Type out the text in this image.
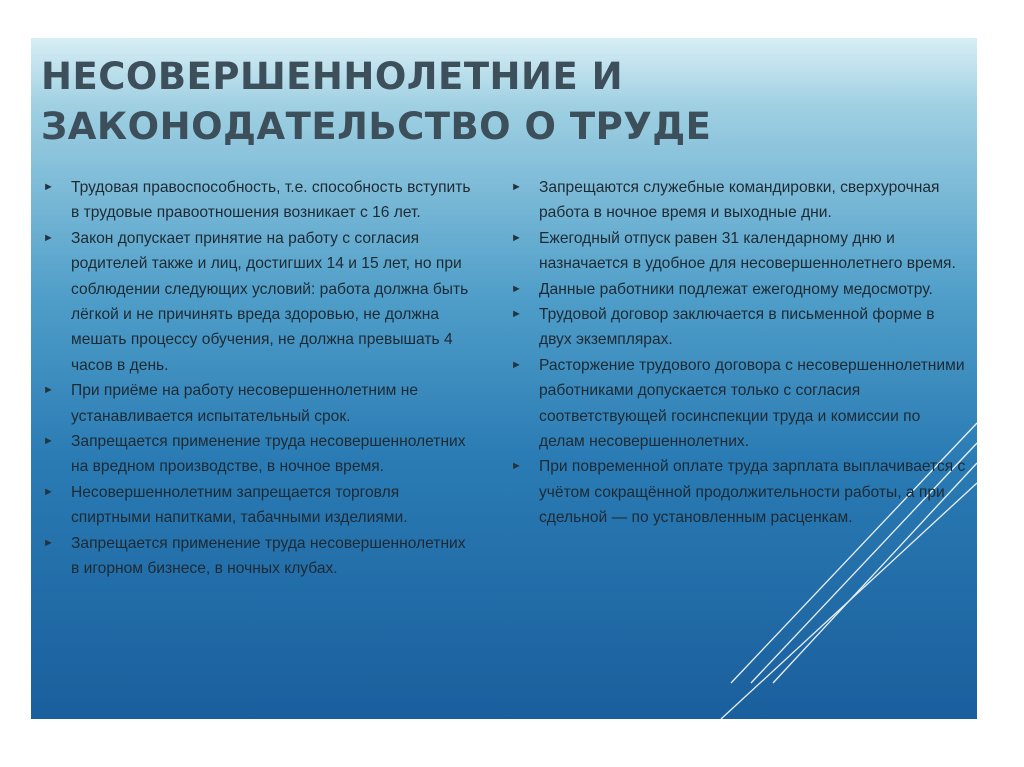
НЕСОВЕРШЕННОЛЕТНИЕ И ЗАКОНОДАТЕЛЬСТВО О ТРУДЕ
► Трудовая правоспособность, т.е. способность вступить в трудовые правоотношения возникает с 16 лет.
► Закон допускает принятие на работу с согласия родителей также и лиц, достигших 14 и 15 лет, но при соблюдении следующих условий: работа должна быть лёгкой и не причинять вреда здоровью, не должна мешать процессу обучения, не должна превышать 4 часов в день.
► При приёме на работу несовершеннолетним не устанавливается испытательный срок.
► Запрещается применение труда несовершеннолетних на вредном производстве, в ночное время.
► Несовершеннолетним запрещается торговля спиртными напитками, табачными изделиями.
► Запрещается применение труда несовершеннолетних в игорном бизнесе, в ночных клубах.
► Запрещаются служебные командировки, сверхурочная работа в ночное время и выходные дни.
► Ежегодный отпуск равен 31 календарному дню и назначается в удобное для несовершеннолетнего время.
► Данные работники подлежат ежегодному медосмотру.
► Трудовой договор заключается в письменной форме в двух экземплярах.
► Расторжение трудового договора с несовершеннолетними работниками допускается только с согласия соответствующей госинспекции труда и комиссии по делам несовершеннолетних.
► При повременной оплате труда зарплата выплачивается с учётом сокращённой продолжительности работы, а при сдельной — по установленным расценкам.
